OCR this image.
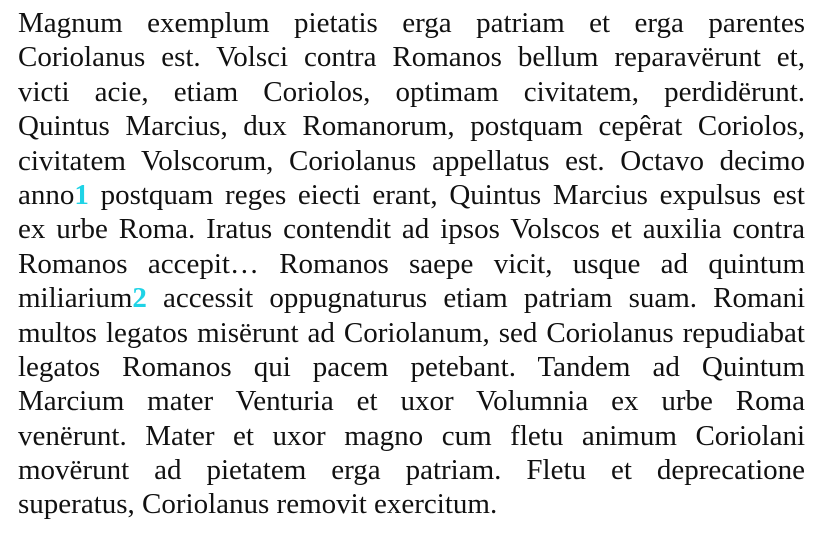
Magnum exemplum pietatis erga patriam et erga parentes
Coriolanus est. Volsci contra Romanos bellum reparavërunt et,
victi acie, etiam Coriolos, optimam civitatem, perdidërunt.
Quintus Marcius, dux Romanorum, postquam cepêrat Coriolos,
civitatem Volscorum, Coriolanus appellatus est. Octavo decimo
anno1 postquam reges eiecti erant, Quintus Marcius expulsus est
ex urbe Roma. Iratus contendit ad ipsos Volscos et auxilia contra
Romanos accepit… Romanos saepe vicit, usque ad quintum
miliarium2 accessit oppugnaturus etiam patriam suam. Romani
multos legatos misërunt ad Coriolanum, sed Coriolanus repudiabat
legatos Romanos qui pacem petebant. Tandem ad Quintum
Marcium mater Venturia et uxor Volumnia ex urbe Roma
venërunt. Mater et uxor magno cum fletu animum Coriolani
movërunt ad pietatem erga patriam. Fletu et deprecatione
superatus, Coriolanus removit exercitum.
